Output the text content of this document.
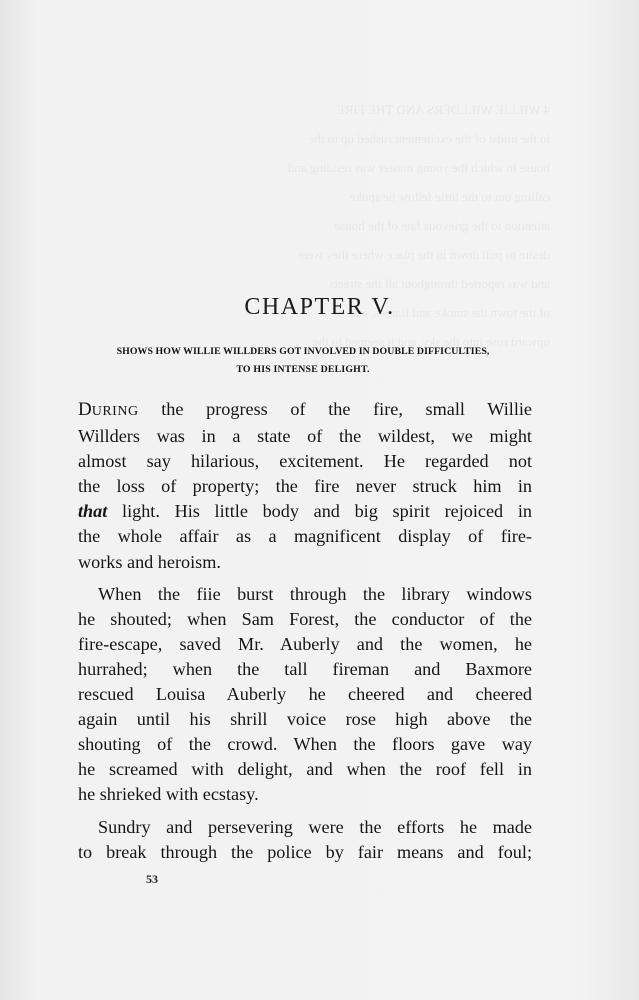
4 WILLIE WILLDERS AND THE FIRE
in the midst of the excitement rushed up to the
house in which the young master was residing and
calling out to the little fellow he spoke
attention to the grievous fate of the house
desire to pull down in the place where they were
and was reported throughout all the streets
of the town the smoke and flames, and so
upward rose into the sky, and it seemed to the
CHAPTER V.
SHOWS HOW WILLIE WILLDERS GOT INVOLVED IN DOUBLE DIFFICULTIES,
TO HIS INTENSE DELIGHT.
DURING the progress of the fire, small Willie
Willders was in a state of the wildest, we might
almost say hilarious, excitement. He regarded not
the loss of property; the fire never struck him in
that light. His little body and big spirit rejoiced in
the whole affair as a magnificent display of fire-
works and heroism.
When the fiie burst through the library windows
he shouted; when Sam Forest, the conductor of the
fire-escape, saved Mr. Auberly and the women, he
hurrahed; when the tall fireman and Baxmore
rescued Louisa Auberly he cheered and cheered
again until his shrill voice rose high above the
shouting of the crowd. When the floors gave way
he screamed with delight, and when the roof fell in
he shrieked with ecstasy.
Sundry and persevering were the efforts he made
to break through the police by fair means and foul;
53
